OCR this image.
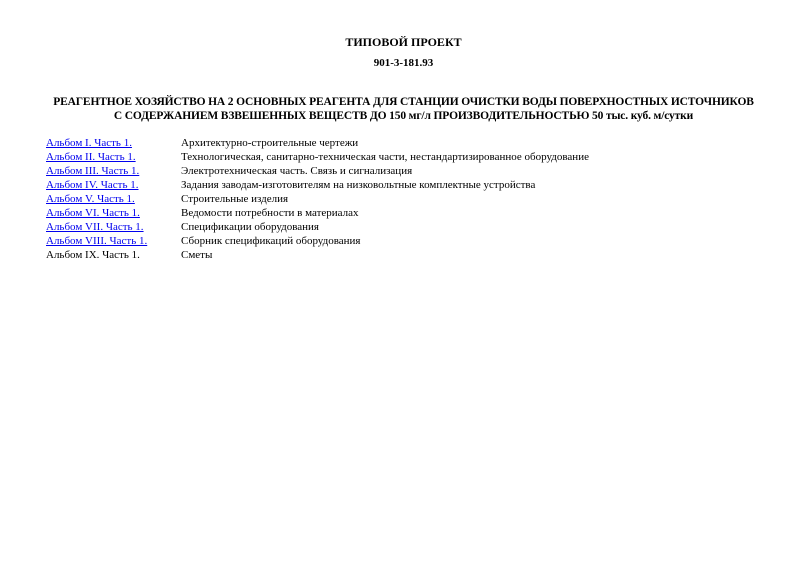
ТИПОВОЙ ПРОЕКТ
901-3-181.93
РЕАГЕНТНОЕ ХОЗЯЙСТВО НА 2 ОСНОВНЫХ РЕАГЕНТА ДЛЯ СТАНЦИИ ОЧИСТКИ ВОДЫ ПОВЕРХНОСТНЫХ ИСТОЧНИКОВ
С СОДЕРЖАНИЕМ ВЗВЕШЕННЫХ ВЕЩЕСТВ ДО 150 мг/л ПРОИЗВОДИТЕЛЬНОСТЬЮ 50 тыс. куб. м/сутки
Альбом I. Часть 1.	Архитектурно-строительные чертежи
Альбом II. Часть 1.	Технологическая, санитарно-техническая части, нестандартизированное оборудование
Альбом III. Часть 1.	Электротехническая часть. Связь и сигнализация
Альбом IV. Часть 1.	Задания заводам-изготовителям на низковольтные комплектные устройства
Альбом V. Часть 1.	Строительные изделия
Альбом VI. Часть 1.	Ведомости потребности в материалах
Альбом VII. Часть 1.	Спецификации оборудования
Альбом VIII. Часть 1.	Сборник спецификаций оборудования
Альбом IX. Часть 1.	Сметы
